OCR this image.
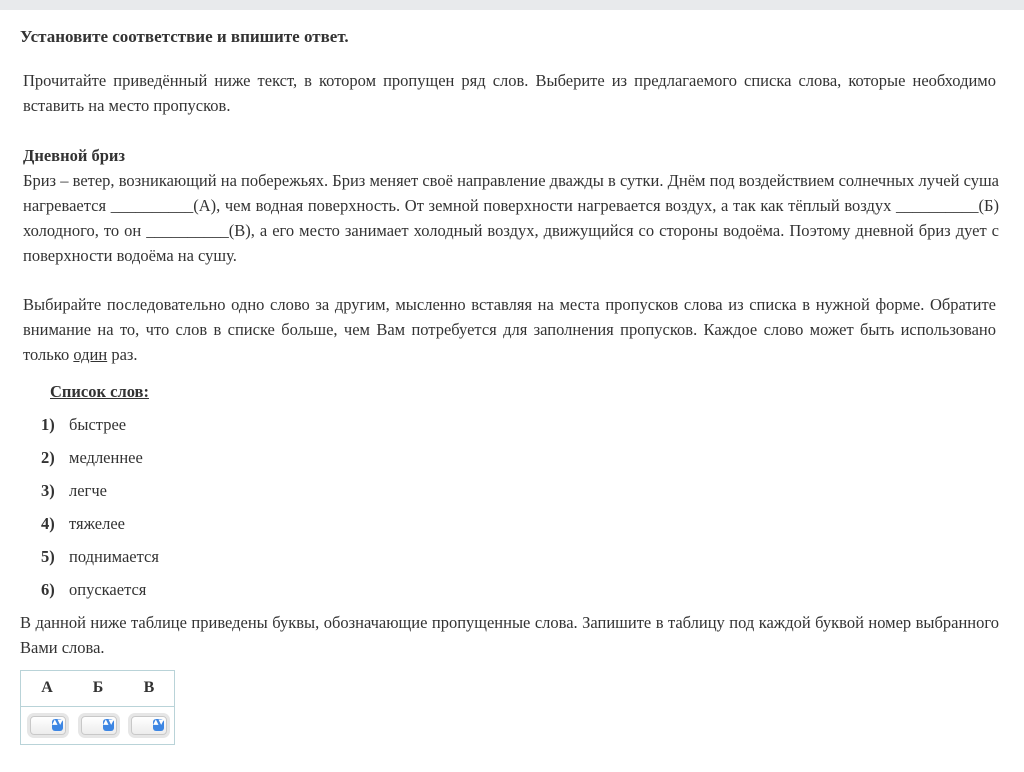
Установите соответствие и впишите ответ.

Прочитайте приведённый ниже текст, в котором пропущен ряд слов. Выберите из предлагаемого списка слова, которые необходимо вставить на место пропусков.

Дневной бриз

Бриз – ветер, возникающий на побережьях. Бриз меняет своё направление дважды в сутки. Днём под воздействием солнечных лучей суша нагревается __________(А), чем водная поверхность. От земной поверхности нагревается воздух, а так как тёплый воздух __________(Б) холодного, то он __________(В), а его место занимает холодный воздух, движущийся со стороны водоёма. Поэтому дневной бриз дует с поверхности водоёма на сушу.

Выбирайте последовательно одно слово за другим, мысленно вставляя на места пропусков слова из списка в нужной форме. Обратите внимание на то, что слов в списке больше, чем Вам потребуется для заполнения пропусков. Каждое слово может быть использовано только один раз.

Список слов:
1) быстрее
2) медленнее
3) легче
4) тяжелее
5) поднимается
6) опускается

В данной ниже таблице приведены буквы, обозначающие пропущенные слова. Запишите в таблицу под каждой буквой номер выбранного Вами слова.

А	Б	В
▲▼	▲▼	▲▼
